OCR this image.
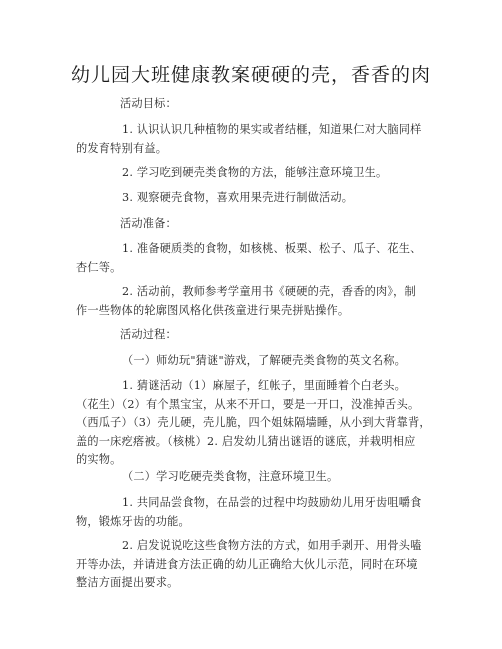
幼儿园大班健康教案硬硬的壳，香香的肉

活动目标：

1. 认识认识几种植物的果实或者结榧，知道果仁对大脑同样
的发育特别有益。

2. 学习吃到硬壳类食物的方法，能够注意环境卫生。

3. 观察硬壳食物，喜欢用果壳进行制做活动。

活动准备：

1. 准备硬质类的食物，如核桃、板栗、松子、瓜子、花生、
杏仁等。

2. 活动前，教师参考学童用书《硬硬的壳，香香的肉》，制
作一些物体的轮廓图风格化供孩童进行果壳拼贴操作。

活动过程：

（一）师幼玩"猜谜"游戏，了解硬壳类食物的英文名称。

1. 猜谜活动（1）麻屋子，红帐子，里面睡着个白老头。
（花生）（2）有个黑宝宝，从来不开口，要是一开口，没准掉舌头。
（西瓜子）（3）壳儿硬，壳儿脆，四个姐妹隔墙睡，从小到大背靠背，
盖的一床疙瘩被。（核桃）2. 启发幼儿猜出谜语的谜底，并栽明相应
的实物。

（二）学习吃硬壳类食物，注意环境卫生。

1. 共同品尝食物，在品尝的过程中均鼓励幼儿用牙齿咀嚼食
物，锻炼牙齿的功能。

2. 启发说说吃这些食物方法的方式，如用手剥开、用骨头嗑
开等办法，并请进食方法正确的幼儿正确给大伙儿示范，同时在环境
整洁方面提出要求。
